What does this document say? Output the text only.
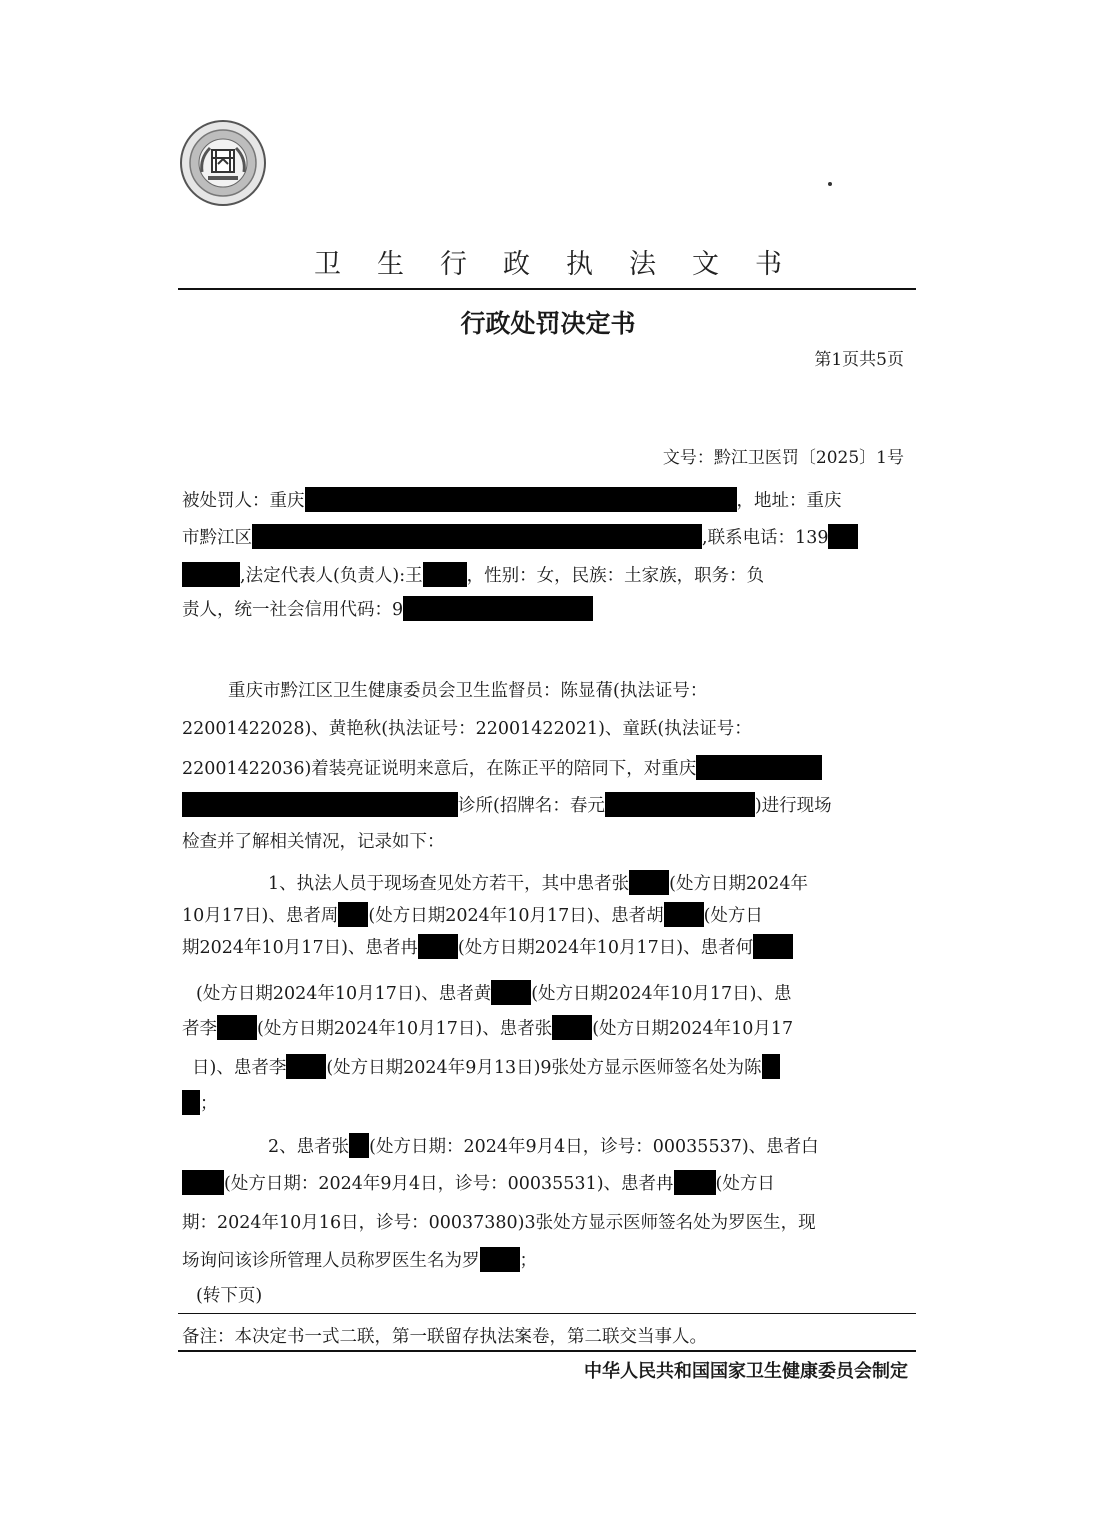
卫生行政执法文书
行政处罚决定书
第1页共5页
文号：黔江卫医罚〔2025〕1号
被处罚人：重庆	，地址：重庆
市黔江区	,联系电话：139
,法定代表人(负责人):王	，性别：女，民族：土家族，职务：负
责人，统一社会信用代码：9
重庆市黔江区卫生健康委员会卫生监督员：陈显蒨(执法证号：
22001422028)、黄艳秋(执法证号：22001422021)、童跃(执法证号：
22001422036)着装亮证说明来意后，在陈正平的陪同下，对重庆
诊所(招牌名：春元	)进行现场
检查并了解相关情况，记录如下：
1、执法人员于现场查见处方若干，其中患者张 (处方日期2024年
10月17日)、患者周 (处方日期2024年10月17日)、患者胡 (处方日
期2024年10月17日)、患者冉 (处方日期2024年10月17日)、患者何
(处方日期2024年10月17日)、患者黄 (处方日期2024年10月17日)、患
者李 (处方日期2024年10月17日)、患者张 (处方日期2024年10月17
日)、患者李 (处方日期2024年9月13日)9张处方显示医师签名处为陈
；
2、患者张 (处方日期：2024年9月4日，诊号：00035537)、患者白
(处方日期：2024年9月4日，诊号：00035531)、患者冉 (处方日
期：2024年10月16日，诊号：00037380)3张处方显示医师签名处为罗医生，现
场询问该诊所管理人员称罗医生名为罗 ；
(转下页)
备注：本决定书一式二联，第一联留存执法案卷，第二联交当事人。
中华人民共和国国家卫生健康委员会制定
